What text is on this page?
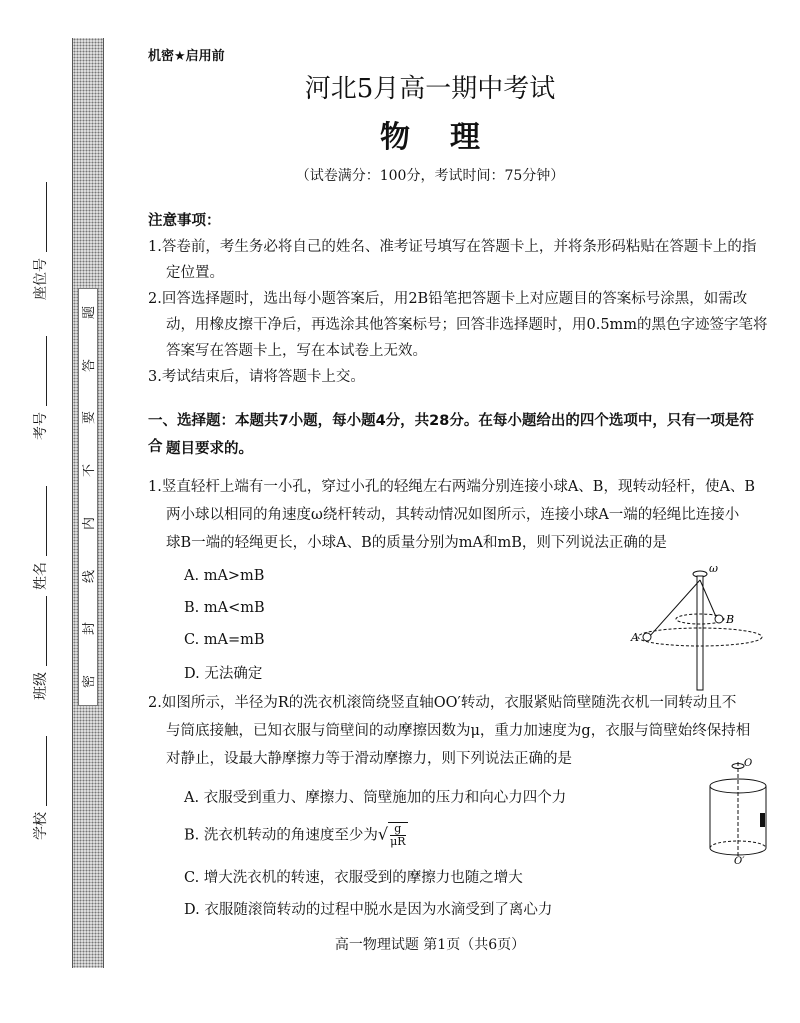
题
答
要
不
内
线
封
密
座位号
考号
姓名
班级
学校
机密★启用前
河北5月高一期中考试
物理
（试卷满分：100分，考试时间：75分钟）
注意事项：
1.答卷前，考生务必将自己的姓名、准考证号填写在答题卡上，并将条形码粘贴在答题卡上的指
定位置。
2.回答选择题时，选出每小题答案后，用2B铅笔把答题卡上对应题目的答案标号涂黑，如需改
动，用橡皮擦干净后，再选涂其他答案标号；回答非选择题时，用0.5mm的黑色字迹签字笔将
答案写在答题卡上，写在本试卷上无效。
3.考试结束后，请将答题卡上交。
一、选择题：本题共7小题，每小题4分，共28分。在每小题给出的四个选项中，只有一项是符合 题目要求的。
1.竖直轻杆上端有一小孔，穿过小孔的轻绳左右两端分别连接小球A、B，现转动轻杆，使A、B
两小球以相同的角速度ω绕杆转动，其转动情况如图所示，连接小球A一端的轻绳比连接小
球B一端的轻绳更长，小球A、B的质量分别为mA和mB，则下列说法正确的是
A. mA>mB
B. mA<mB
C. mA=mB
D. 无法确定
ω
A
B
2.如图所示，半径为R的洗衣机滚筒绕竖直轴OO′转动，衣服紧贴筒壁随洗衣机一同转动且不
与筒底接触，已知衣服与筒壁间的动摩擦因数为μ，重力加速度为g，衣服与筒壁始终保持相
对静止，设最大静摩擦力等于滑动摩擦力，则下列说法正确的是
A. 衣服受到重力、摩擦力、筒壁施加的压力和向心力四个力
B. 洗衣机转动的角速度至少为√ $\frac{g}{\mu R}$
C. 增大洗衣机的转速，衣服受到的摩擦力也随之增大
D. 衣服随滚筒转动的过程中脱水是因为水滴受到了离心力
O
O′
高一物理试题 第1页（共6页）
